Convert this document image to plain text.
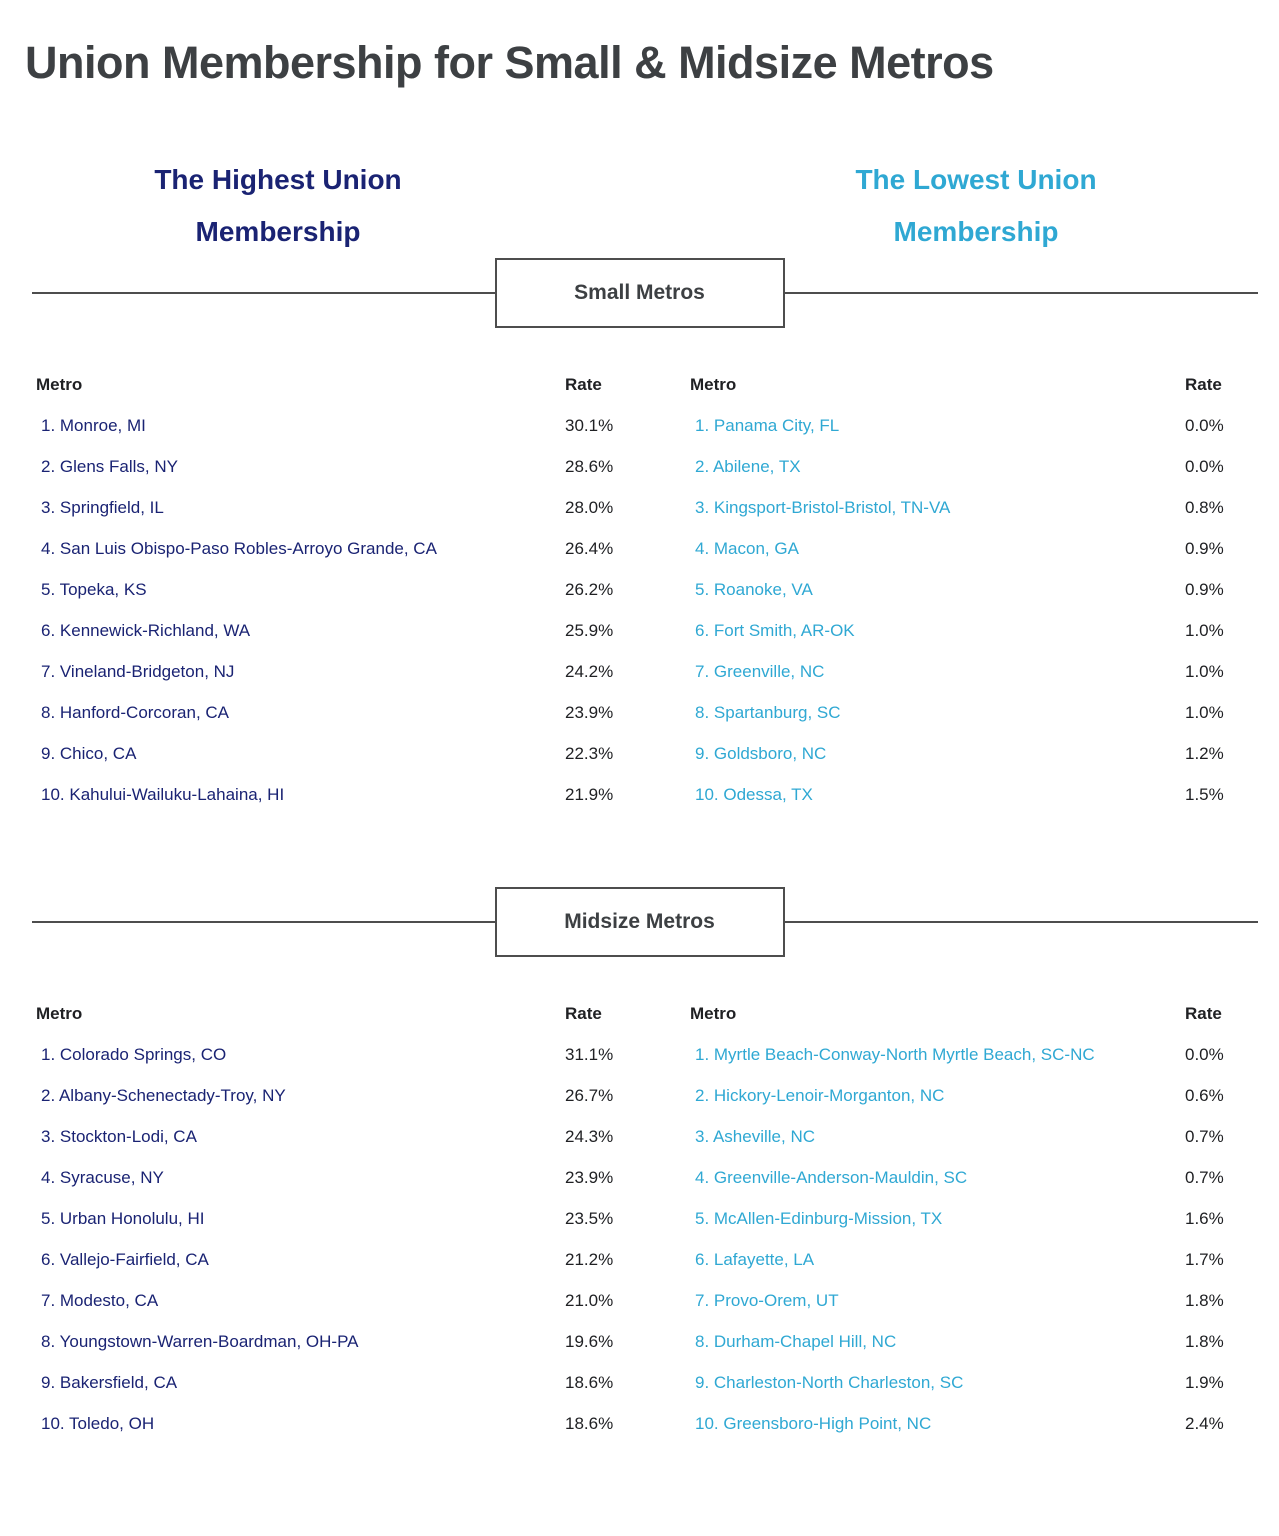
Union Membership for Small & Midsize Metros
The Highest Union Membership
The Lowest Union Membership
Small Metros
Metro	Rate
1. Monroe, MI	30.1%
2. Glens Falls, NY	28.6%
3. Springfield, IL	28.0%
4. San Luis Obispo-Paso Robles-Arroyo Grande, CA	26.4%
5. Topeka, KS	26.2%
6. Kennewick-Richland, WA	25.9%
7. Vineland-Bridgeton, NJ	24.2%
8. Hanford-Corcoran, CA	23.9%
9. Chico, CA	22.3%
10. Kahului-Wailuku-Lahaina, HI	21.9%
Metro	Rate
1. Panama City, FL	0.0%
2. Abilene, TX	0.0%
3. Kingsport-Bristol-Bristol, TN-VA	0.8%
4. Macon, GA	0.9%
5. Roanoke, VA	0.9%
6. Fort Smith, AR-OK	1.0%
7. Greenville, NC	1.0%
8. Spartanburg, SC	1.0%
9. Goldsboro, NC	1.2%
10. Odessa, TX	1.5%
Midsize Metros
Metro	Rate
1. Colorado Springs, CO	31.1%
2. Albany-Schenectady-Troy, NY	26.7%
3. Stockton-Lodi, CA	24.3%
4. Syracuse, NY	23.9%
5. Urban Honolulu, HI	23.5%
6. Vallejo-Fairfield, CA	21.2%
7. Modesto, CA	21.0%
8. Youngstown-Warren-Boardman, OH-PA	19.6%
9. Bakersfield, CA	18.6%
10. Toledo, OH	18.6%
Metro	Rate
1. Myrtle Beach-Conway-North Myrtle Beach, SC-NC	0.0%
2. Hickory-Lenoir-Morganton, NC	0.6%
3. Asheville, NC	0.7%
4. Greenville-Anderson-Mauldin, SC	0.7%
5. McAllen-Edinburg-Mission, TX	1.6%
6. Lafayette, LA	1.7%
7. Provo-Orem, UT	1.8%
8. Durham-Chapel Hill, NC	1.8%
9. Charleston-North Charleston, SC	1.9%
10. Greensboro-High Point, NC	2.4%
